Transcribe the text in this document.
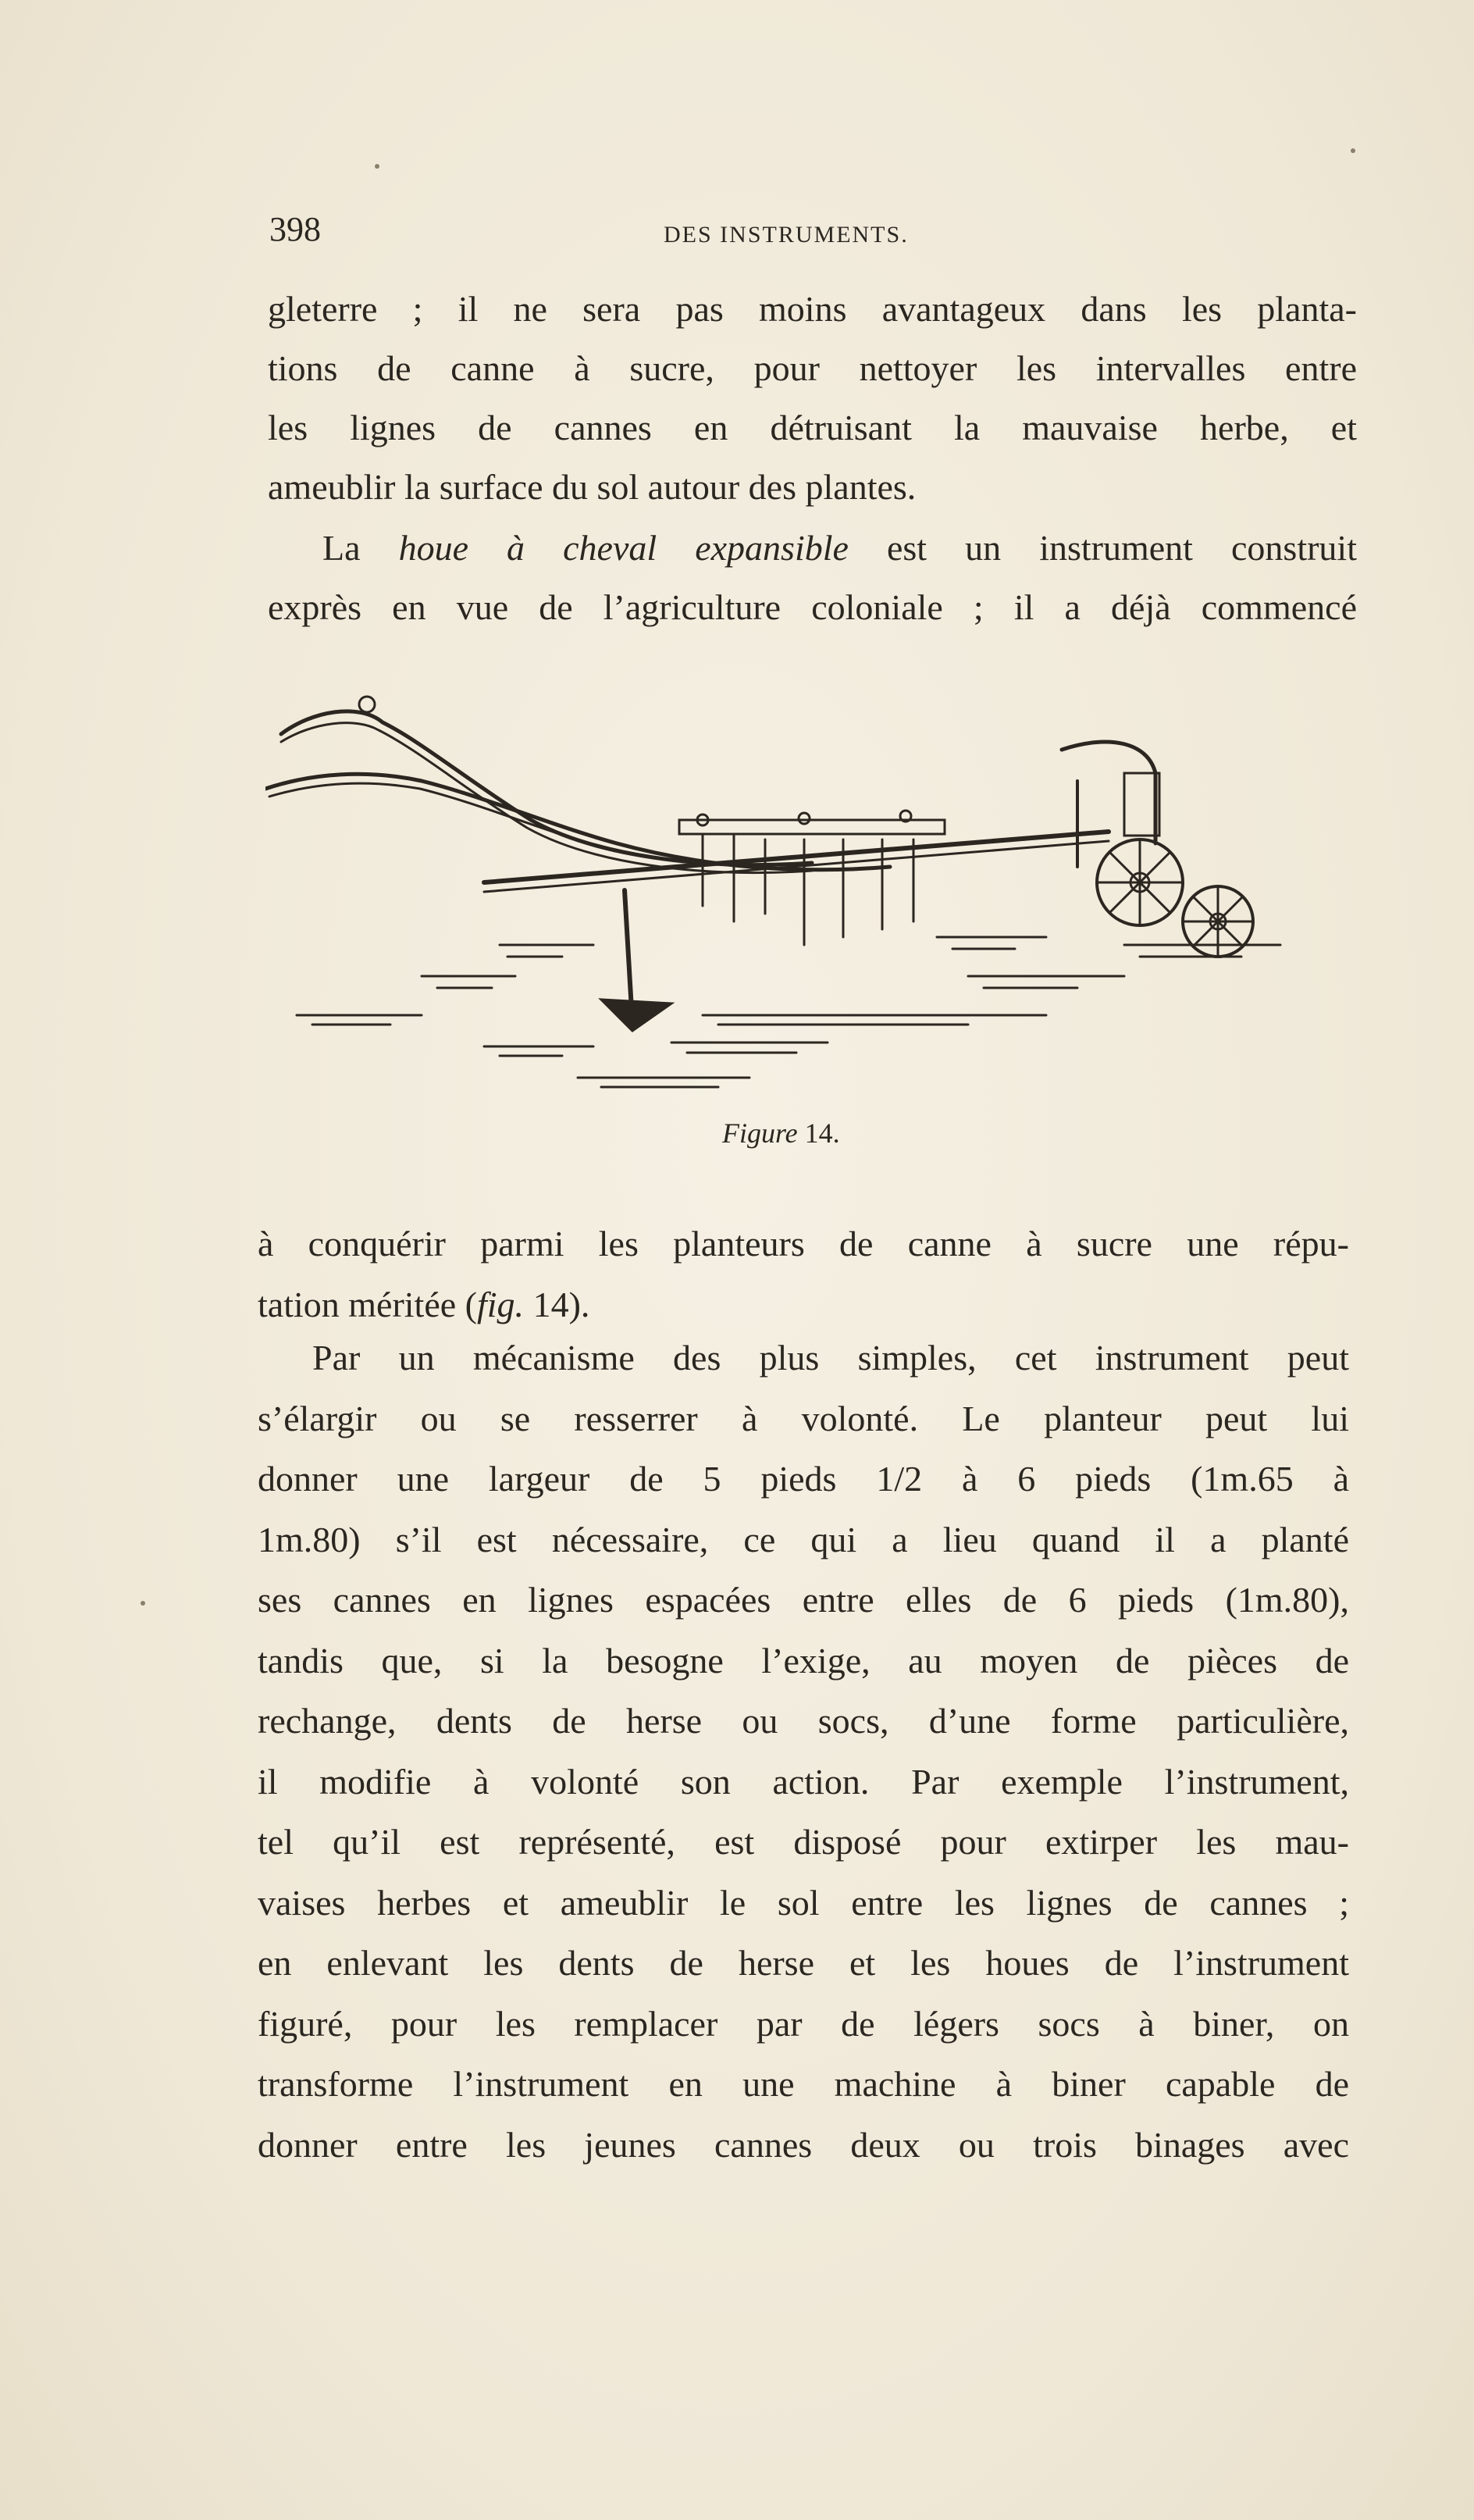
398	DES INSTRUMENTS.
gleterre ; il ne sera pas moins avantageux dans les planta-
tions de canne à sucre, pour nettoyer les intervalles entre
les lignes de cannes en détruisant la mauvaise herbe, et
ameublir la surface du sol autour des plantes.
La houe à cheval expansible est un instrument construit
exprès en vue de l’agriculture coloniale ; il a déjà commencé
Figure 14.
à conquérir parmi les planteurs de canne à sucre une répu-
tation méritée (fig. 14).
Par un mécanisme des plus simples, cet instrument peut
s’élargir ou se resserrer à volonté. Le planteur peut lui
donner une largeur de 5 pieds 1/2 à 6 pieds (1m.65 à
1m.80) s’il est nécessaire, ce qui a lieu quand il a planté
ses cannes en lignes espacées entre elles de 6 pieds (1m.80),
tandis que, si la besogne l’exige, au moyen de pièces de
rechange, dents de herse ou socs, d’une forme particulière,
il modifie à volonté son action. Par exemple l’instrument,
tel qu’il est représenté, est disposé pour extirper les mau-
vaises herbes et ameublir le sol entre les lignes de cannes ;
en enlevant les dents de herse et les houes de l’instrument
figuré, pour les remplacer par de légers socs à biner, on
transforme l’instrument en une machine à biner capable de
donner entre les jeunes cannes deux ou trois binages avec
